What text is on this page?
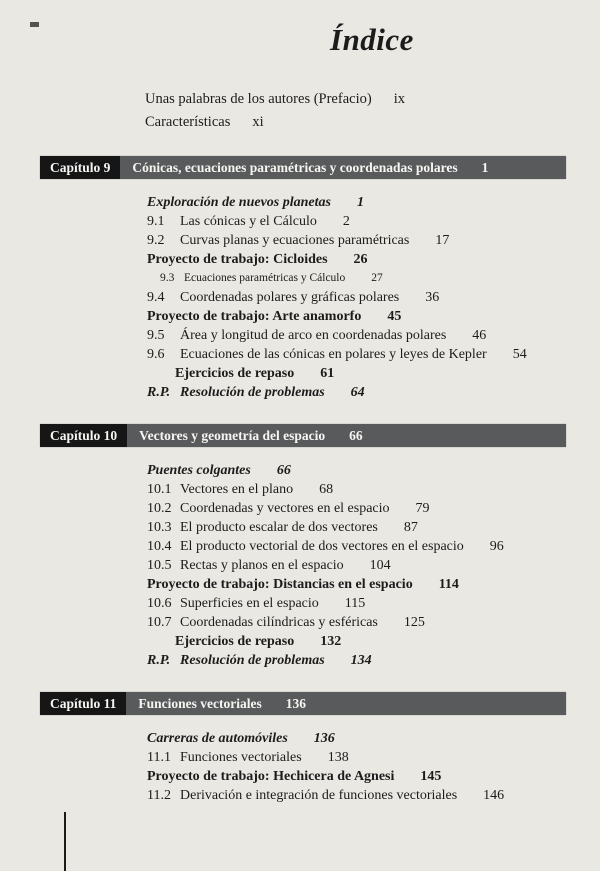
Índice
Unas palabras de los autores (Prefacio) ix
Características xi
Capítulo 9	Cónicas, ecuaciones paramétricas y coordenadas polares 1
Exploración de nuevos planetas 1
9.1 Las cónicas y el Cálculo 2
9.2 Curvas planas y ecuaciones paramétricas 17
Proyecto de trabajo: Cicloides 26
9.3 Ecuaciones paramétricas y Cálculo 27
9.4 Coordenadas polares y gráficas polares 36
Proyecto de trabajo: Arte anamorfo 45
9.5 Área y longitud de arco en coordenadas polares 46
9.6 Ecuaciones de las cónicas en polares y leyes de Kepler 54
Ejercicios de repaso 61
R.P. Resolución de problemas 64
Capítulo 10	Vectores y geometría del espacio 66
Puentes colgantes 66
10.1 Vectores en el plano 68
10.2 Coordenadas y vectores en el espacio 79
10.3 El producto escalar de dos vectores 87
10.4 El producto vectorial de dos vectores en el espacio 96
10.5 Rectas y planos en el espacio 104
Proyecto de trabajo: Distancias en el espacio 114
10.6 Superficies en el espacio 115
10.7 Coordenadas cilíndricas y esféricas 125
Ejercicios de repaso 132
R.P. Resolución de problemas 134
Capítulo 11	Funciones vectoriales 136
Carreras de automóviles 136
11.1 Funciones vectoriales 138
Proyecto de trabajo: Hechicera de Agnesi 145
11.2 Derivación e integración de funciones vectoriales 146
